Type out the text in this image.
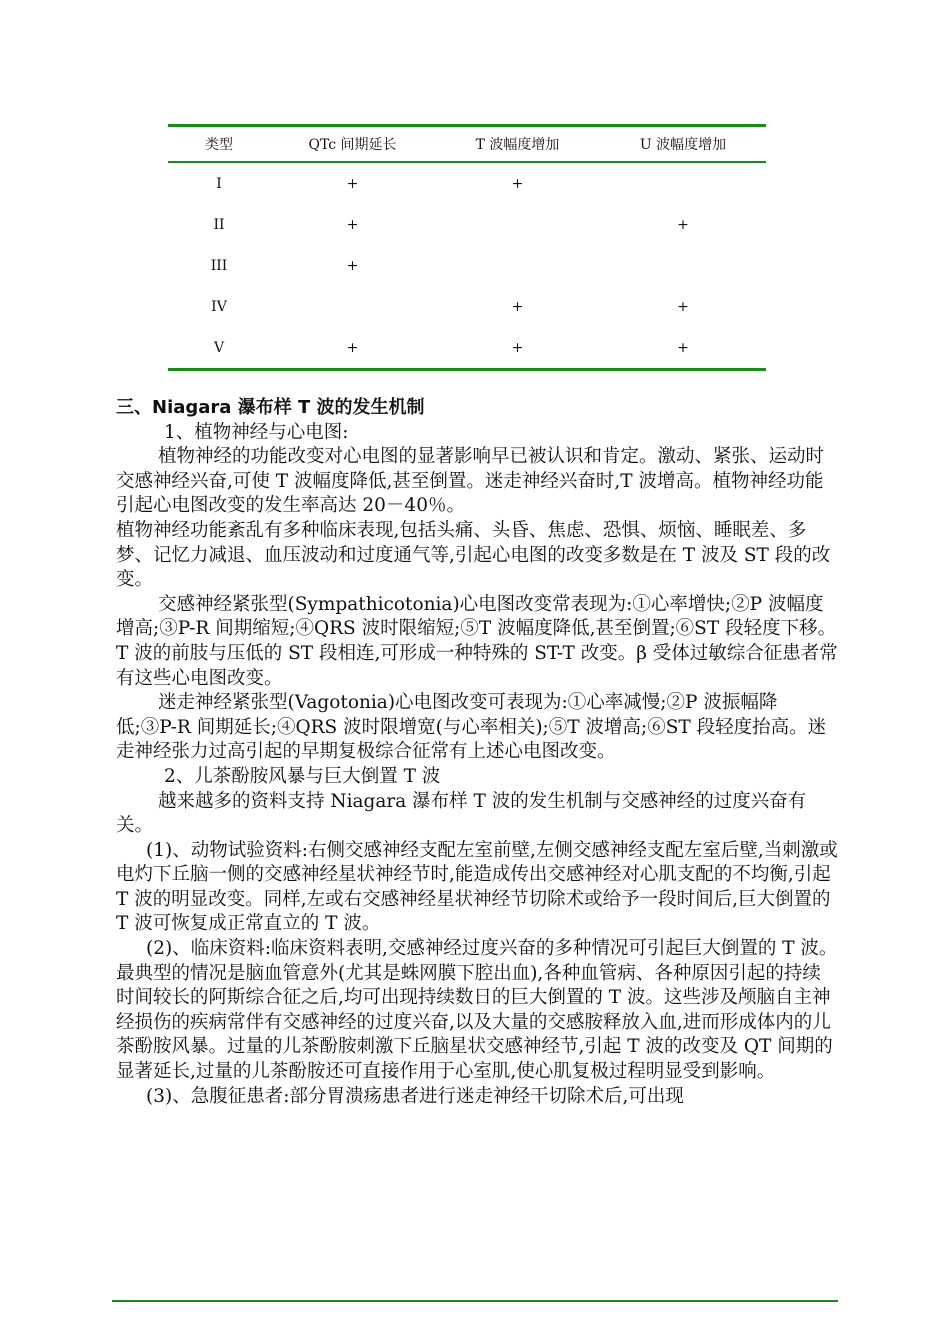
类型	QTc 间期延长	T 波幅度增加	U 波幅度增加
I	+	+	
II	+		+
III	+		
IV		+	+
V	+	+	+

三、Niagara 瀑布样 T 波的发生机制

1、植物神经与心电图:

植物神经的功能改变对心电图的显著影响早已被认识和肯定。激动、紧张、运动时交感神经兴奋,可使 T 波幅度降低,甚至倒置。迷走神经兴奋时,T 波增高。植物神经功能引起心电图改变的发生率高达 20－40％。

植物神经功能紊乱有多种临床表现,包括头痛、头昏、焦虑、恐惧、烦恼、睡眠差、多梦、记忆力减退、血压波动和过度通气等,引起心电图的改变多数是在 T 波及 ST 段的改变。

交感神经紧张型(Sympathicotonia)心电图改变常表现为:①心率增快;②P 波幅度增高;③P-R 间期缩短;④QRS 波时限缩短;⑤T 波幅度降低,甚至倒置;⑥ST 段轻度下移。T 波的前肢与压低的 ST 段相连,可形成一种特殊的 ST-T 改变。β 受体过敏综合征患者常有这些心电图改变。

迷走神经紧张型(Vagotonia)心电图改变可表现为:①心率减慢;②P 波振幅降低;③P-R 间期延长;④QRS 波时限增宽(与心率相关);⑤T 波增高;⑥ST 段轻度抬高。迷走神经张力过高引起的早期复极综合征常有上述心电图改变。

2、儿茶酚胺风暴与巨大倒置 T 波

越来越多的资料支持 Niagara 瀑布样 T 波的发生机制与交感神经的过度兴奋有关。

(1)、动物试验资料:右侧交感神经支配左室前壁,左侧交感神经支配左室后壁,当刺激或电灼下丘脑一侧的交感神经星状神经节时,能造成传出交感神经对心肌支配的不均衡,引起 T 波的明显改变。同样,左或右交感神经星状神经节切除术或给予一段时间后,巨大倒置的 T 波可恢复成正常直立的 T 波。

(2)、临床资料:临床资料表明,交感神经过度兴奋的多种情况可引起巨大倒置的 T 波。最典型的情况是脑血管意外(尤其是蛛网膜下腔出血),各种血管病、各种原因引起的持续时间较长的阿斯综合征之后,均可出现持续数日的巨大倒置的 T 波。这些涉及颅脑自主神经损伤的疾病常伴有交感神经的过度兴奋,以及大量的交感胺释放入血,进而形成体内的儿茶酚胺风暴。过量的儿茶酚胺刺激下丘脑星状交感神经节,引起 T 波的改变及 QT 间期的显著延长,过量的儿茶酚胺还可直接作用于心室肌,使心肌复极过程明显受到影响。

(3)、急腹征患者:部分胃溃疡患者进行迷走神经干切除术后,可出现
